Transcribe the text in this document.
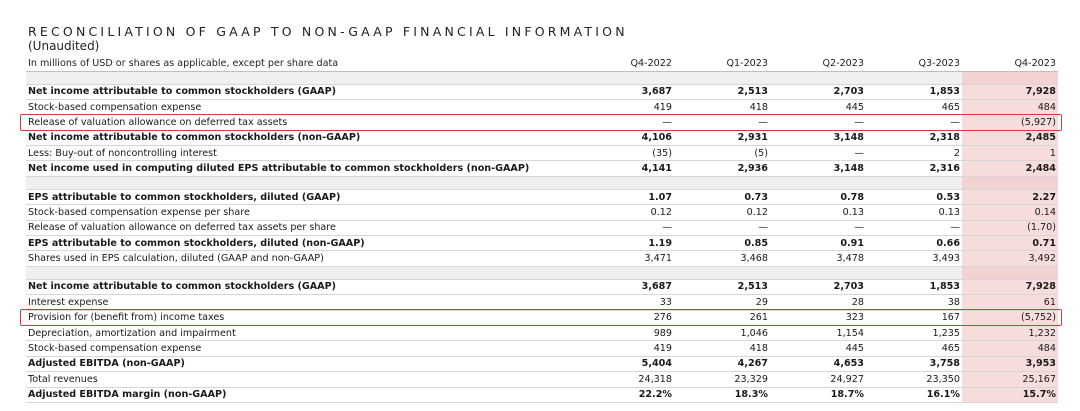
RECONCILIATION OF GAAP TO NON-GAAP FINANCIAL INFORMATION
(Unaudited)
In millions of USD or shares as applicable, except per share data	Q4-2022	Q1-2023	Q2-2023	Q3-2023	Q4-2023

Net income attributable to common stockholders (GAAP)	3,687	2,513	2,703	1,853	7,928
Stock-based compensation expense	419	418	445	465	484
Release of valuation allowance on deferred tax assets	—	—	—	—	(5,927)
Net income attributable to common stockholders (non-GAAP)	4,106	2,931	3,148	2,318	2,485
Less: Buy-out of noncontrolling interest	(35)	(5)	—	2	1
Net income used in computing diluted EPS attributable to common stockholders (non-GAAP)	4,141	2,936	3,148	2,316	2,484

EPS attributable to common stockholders, diluted (GAAP)	1.07	0.73	0.78	0.53	2.27
Stock-based compensation expense per share	0.12	0.12	0.13	0.13	0.14
Release of valuation allowance on deferred tax assets per share	—	—	—	—	(1.70)
EPS attributable to common stockholders, diluted (non-GAAP)	1.19	0.85	0.91	0.66	0.71
Shares used in EPS calculation, diluted (GAAP and non-GAAP)	3,471	3,468	3,478	3,493	3,492

Net income attributable to common stockholders (GAAP)	3,687	2,513	2,703	1,853	7,928
Interest expense	33	29	28	38	61
Provision for (benefit from) income taxes	276	261	323	167	(5,752)
Depreciation, amortization and impairment	989	1,046	1,154	1,235	1,232
Stock-based compensation expense	419	418	445	465	484
Adjusted EBITDA (non-GAAP)	5,404	4,267	4,653	3,758	3,953
Total revenues	24,318	23,329	24,927	23,350	25,167
Adjusted EBITDA margin (non-GAAP)	22.2%	18.3%	18.7%	16.1%	15.7%
